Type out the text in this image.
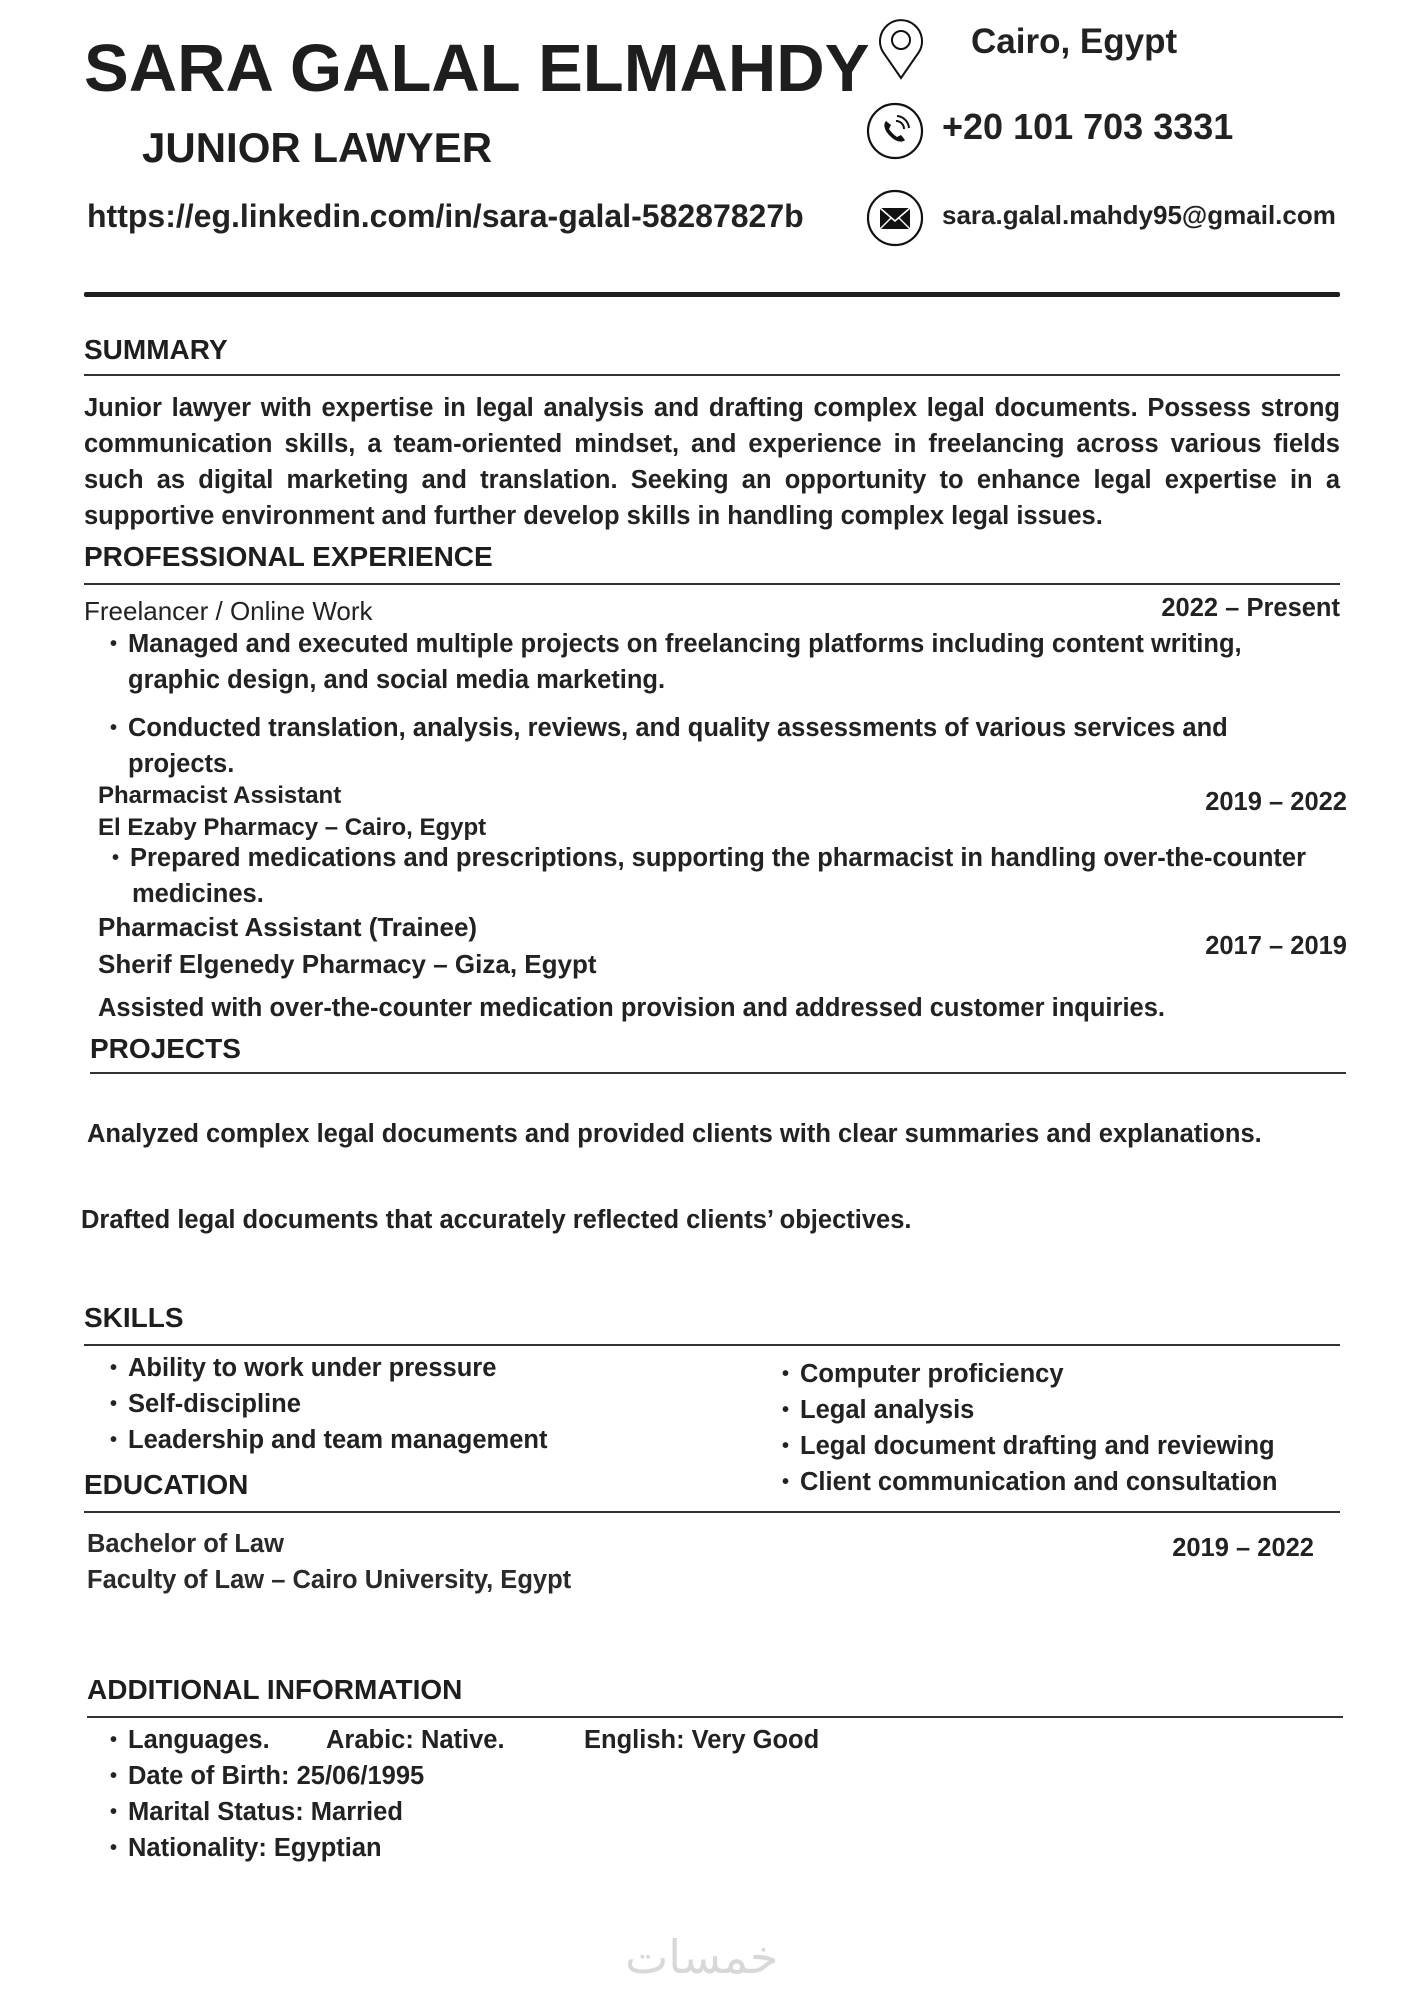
SARA GALAL ELMAHDY
JUNIOR LAWYER
https://eg.linkedin.com/in/sara-galal-58287827b
Cairo, Egypt
+20 101 703 3331
sara.galal.mahdy95@gmail.com
SUMMARY
Junior lawyer with expertise in legal analysis and drafting complex legal documents. Possess strong communication skills, a team-oriented mindset, and experience in freelancing across various fields such as digital marketing and translation. Seeking an opportunity to enhance legal expertise in a supportive environment and further develop skills in handling complex legal issues.
PROFESSIONAL EXPERIENCE
Freelancer / Online Work	2022 – Present
• Managed and executed multiple projects on freelancing platforms including content writing,
graphic design, and social media marketing.
• Conducted translation, analysis, reviews, and quality assessments of various services and
projects.
Pharmacist Assistant
El Ezaby Pharmacy – Cairo, Egypt
2019 – 2022
• Prepared medications and prescriptions, supporting the pharmacist in handling over-the-counter
medicines.
Pharmacist Assistant (Trainee)
Sherif Elgenedy Pharmacy – Giza, Egypt
2017 – 2019
Assisted with over-the-counter medication provision and addressed customer inquiries.
PROJECTS
Analyzed complex legal documents and provided clients with clear summaries and explanations.
Drafted legal documents that accurately reflected clients’ objectives.
SKILLS
• Ability to work under pressure
• Self-discipline
• Leadership and team management
• Computer proficiency
• Legal analysis
• Legal document drafting and reviewing
• Client communication and consultation
EDUCATION
Bachelor of Law
Faculty of Law – Cairo University, Egypt
2019 – 2022
ADDITIONAL INFORMATION
• Languages. Arabic: Native.	English: Very Good
• Date of Birth: 25/06/1995
• Marital Status: Married
• Nationality: Egyptian
خمسات
